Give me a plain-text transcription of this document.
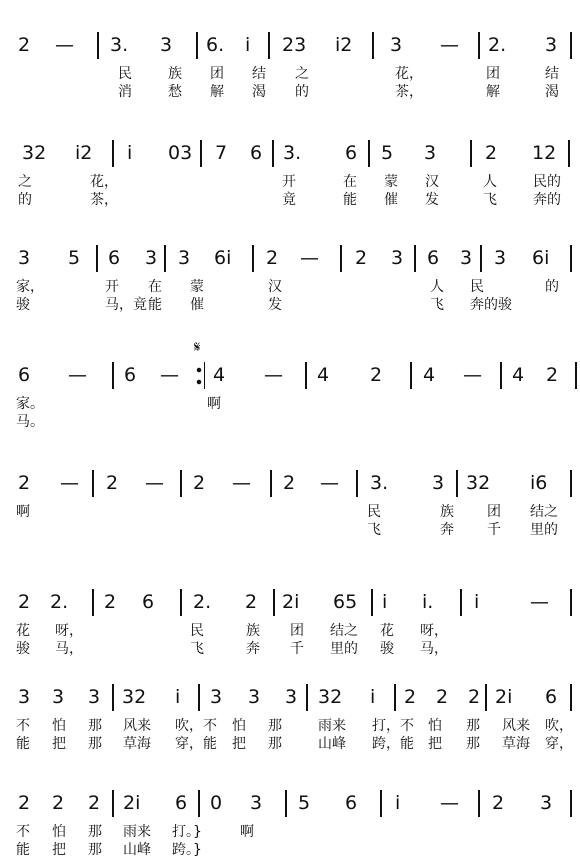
2 — 3. 3 6. i 23 i2 3 — 2. 3
民	族 团 结 之	花，	团	结
消	愁 解 渴 的	茶，	解	渴
32 i2 i 03 7 6 3. 6 5 3	2 12
之	花，	开	在 蒙 汉	人	民的
的	茶，	竟	能 催 发	飞	奔的
3 5 6 3 3 6i 2 — 2 3 6 3 3 6i
家，	开 在 蒙	汉	人 民	的
骏	马，竟 能 催	发	飞 奔的骏
6 — 6 —
𝄋
4 — 4 2 4 — 4 2
家。	啊
马。
2 — 2 — 2 — 2 — 3. 3 32 i6
啊	民	族 团 结之
飞	奔 千 里的
2 2. 2 6 2. 2 2i 65 i i. i	—
花 呀，	民	族 团 结之 花 呀，
骏 马，	飞	奔 千 里的 骏 马，
3 3 3 32 i 3 3 3 32 i 2 2 2 2i 6
不 怕 那 风来 吹，不 怕 那	雨来 打，不 怕 那 风来 吹，
能 把 那 草海 穿，能 把 那	山峰 跨，能 把 那 草海 穿，
2 2 2 2i 6 0 3 5 6 i — 2 3
不 怕 那 雨来 打。}	啊
能 把 那 山峰 跨。}
